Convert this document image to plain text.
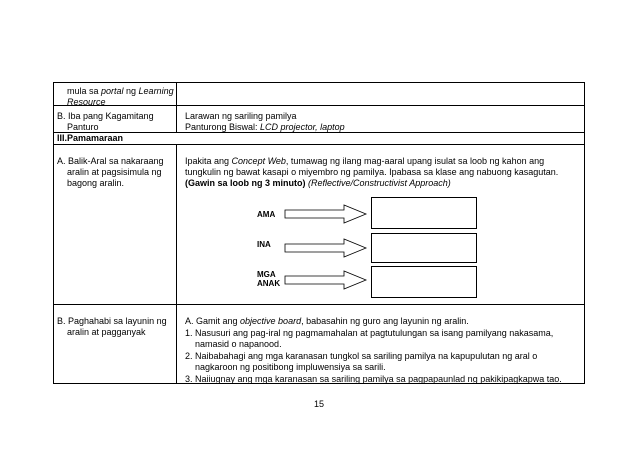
mula sa portal ng Learning
Resource
B. Iba pang Kagamitang
Panturo
Larawan ng sariling pamilya
Panturong Biswal: LCD projector, laptop
III.Pamamaraan
A. Balik-Aral sa nakaraang
aralin at pagsisimula ng
bagong aralin.
Ipakita ang Concept Web, tumawag ng ilang mag-aaral upang isulat sa loob ng kahon ang
tungkulin ng bawat kasapi o miyembro ng pamilya. Ipabasa sa klase ang nabuong kasagutan.
(Gawin sa loob ng 3 minuto) (Reflective/Constructivist Approach)
AMA
INA
MGA
ANAK
B. Paghahabi sa layunin ng
aralin at pagganyak
A. Gamit ang objective board, babasahin ng guro ang layunin ng aralin.
1. Nasusuri ang pag-iral ng pagmamahalan at pagtutulungan sa isang pamilyang nakasama,
namasid o napanood.
2. Naibabahagi ang mga karanasan tungkol sa sariling pamilya na kapupulutan ng aral o
nagkaroon ng positibong impluwensiya sa sarili.
3. Naiiugnay ang mga karanasan sa sariling pamilya sa pagpapaunlad ng pakikipagkapwa tao.
15
